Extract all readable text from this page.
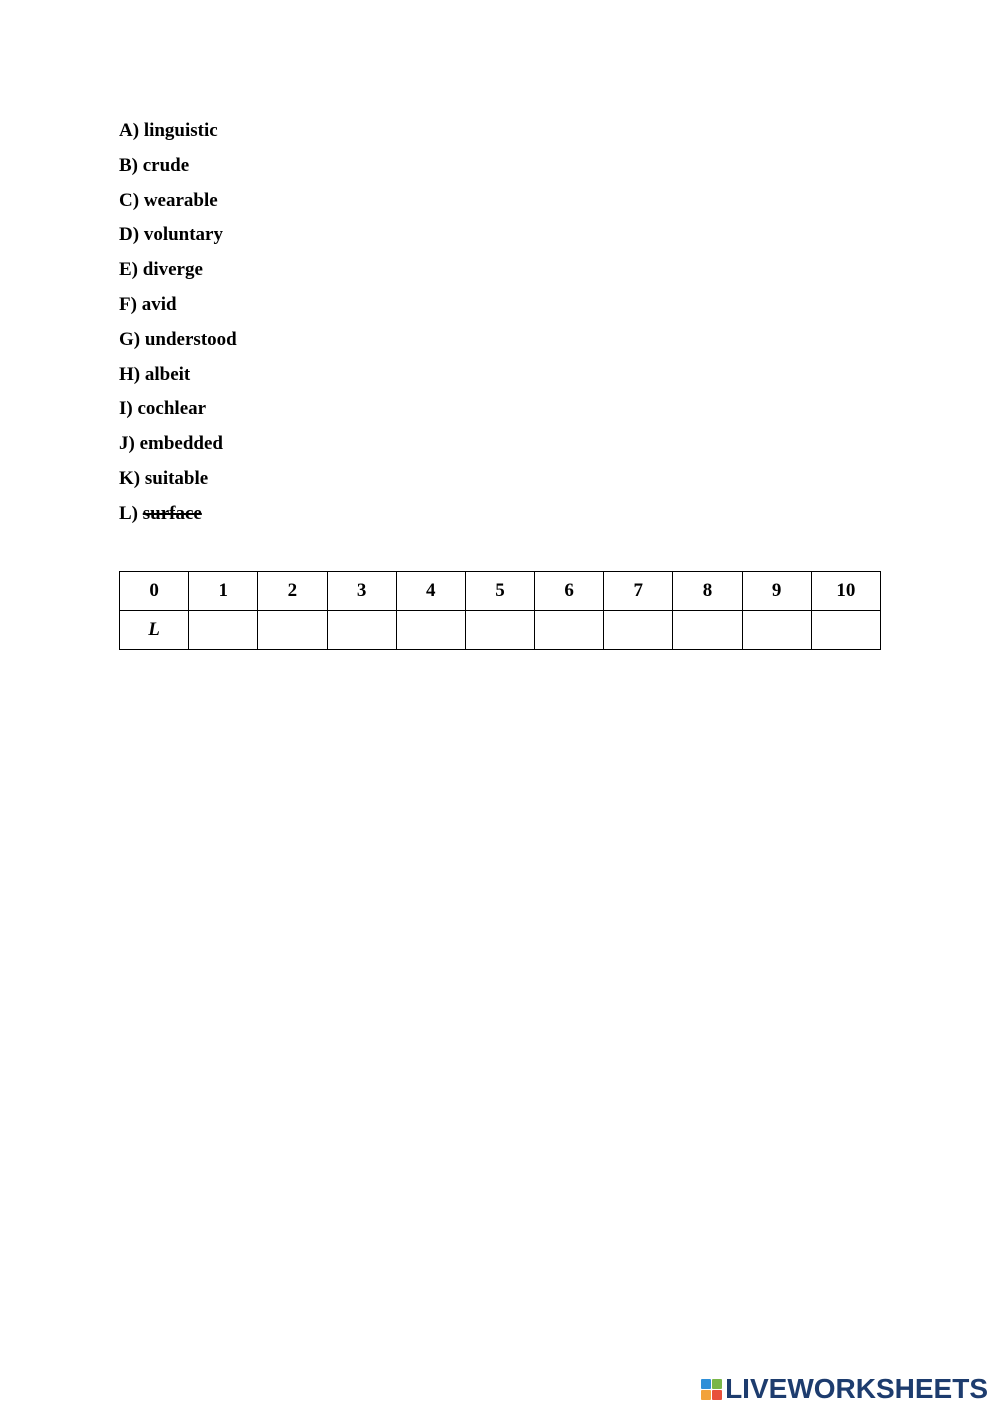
A) linguistic
B) crude
C) wearable
D) voluntary
E) diverge
F) avid
G) understood
H) albeit
I) cochlear
J) embedded
K) suitable
L) surface
0	1	2	3	4	5	6	7	8	9	10
L										
LIVEWORKSHEETS
